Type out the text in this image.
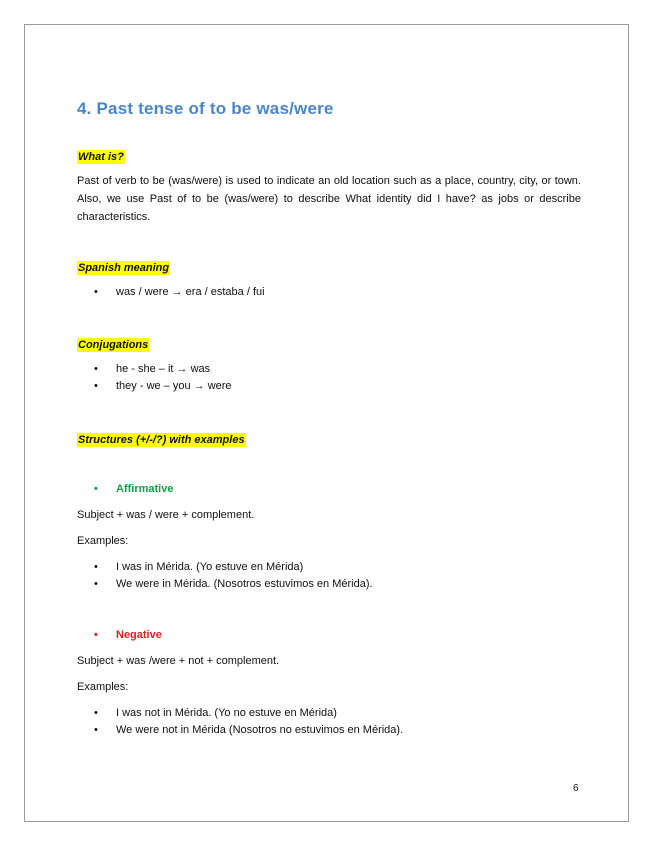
4. Past tense of to be was/were
What is?

Past of verb to be (was/were) is used to indicate an old location such as a place, country, city, or town. Also, we use Past of to be (was/were) to describe What identity did I have? as jobs or describe characteristics.

Spanish meaning
• was / were → era / estaba / fui
Conjugations
• he - she – it → was
• they - we – you → were
Structures (+/-/?) with examples
• Affirmative

Subject + was / were + complement.

Examples:

• I was in Mérida. (Yo estuve en Mérida)
• We were in Mérida. (Nosotros estuvimos en Mérida).
• Negative

Subject + was /were + not + complement.

Examples:

• I was not in Mérida. (Yo no estuve en Mérida)
• We were not in Mérida (Nosotros no estuvimos en Mérida).
6
